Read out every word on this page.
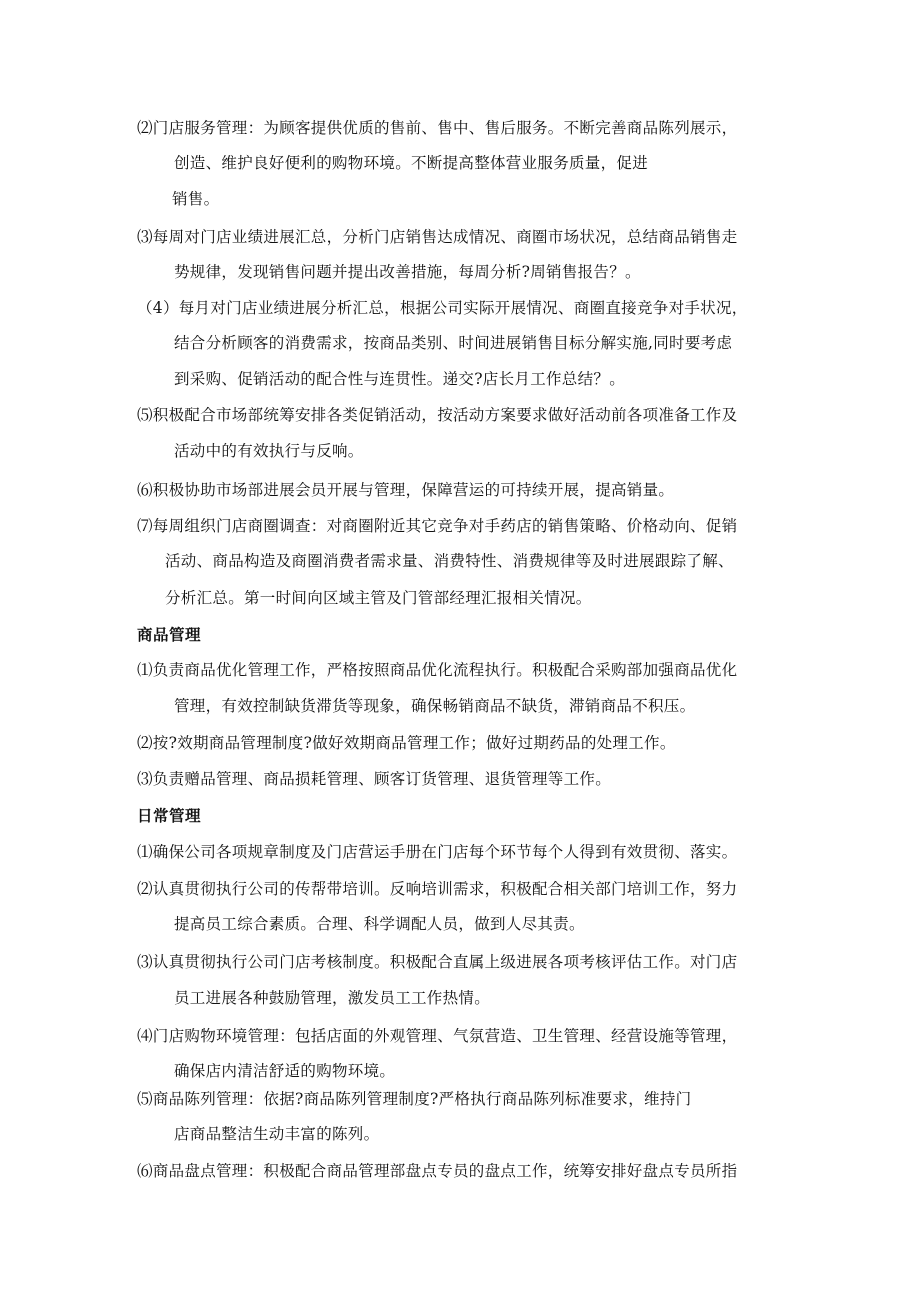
⑵门店服务管理：为顾客提供优质的售前、售中、售后服务。不断完善商品陈列展示，
创造、维护良好便利的购物环境。不断提高整体营业服务质量，促进
销售。
⑶每周对门店业绩进展汇总，分析门店销售达成情况、商圈市场状况，总结商品销售走
势规律，发现销售问题并提出改善措施，每周分析?周销售报告？。
（4）每月对门店业绩进展分析汇总，根据公司实际开展情况、商圈直接竞争对手状况，
结合分析顾客的消费需求，按商品类别、时间进展销售目标分解实施,同时要考虑
到采购、促销活动的配合性与连贯性。递交?店长月工作总结？。
⑸积极配合市场部统筹安排各类促销活动，按活动方案要求做好活动前各项准备工作及
活动中的有效执行与反响。
⑹积极协助市场部进展会员开展与管理，保障营运的可持续开展，提高销量。
⑺每周组织门店商圈调查：对商圈附近其它竞争对手药店的销售策略、价格动向、促销
活动、商品构造及商圈消费者需求量、消费特性、消费规律等及时进展跟踪了解、
分析汇总。第一时间向区域主管及门管部经理汇报相关情况。
商品管理
⑴负责商品优化管理工作，严格按照商品优化流程执行。积极配合采购部加强商品优化
管理，有效控制缺货滞货等现象，确保畅销商品不缺货，滞销商品不积压。
⑵按?效期商品管理制度?做好效期商品管理工作；做好过期药品的处理工作。
⑶负责赠品管理、商品损耗管理、顾客订货管理、退货管理等工作。
日常管理
⑴确保公司各项规章制度及门店营运手册在门店每个环节每个人得到有效贯彻、落实。
⑵认真贯彻执行公司的传帮带培训。反响培训需求，积极配合相关部门培训工作，努力
提高员工综合素质。合理、科学调配人员，做到人尽其责。
⑶认真贯彻执行公司门店考核制度。积极配合直属上级进展各项考核评估工作。对门店
员工进展各种鼓励管理，激发员工工作热情。
⑷门店购物环境管理：包括店面的外观管理、气氛营造、卫生管理、经营设施等管理，
确保店内清洁舒适的购物环境。
⑸商品陈列管理：依据?商品陈列管理制度?严格执行商品陈列标准要求，维持门
店商品整洁生动丰富的陈列。
⑹商品盘点管理：积极配合商品管理部盘点专员的盘点工作，统筹安排好盘点专员所指
